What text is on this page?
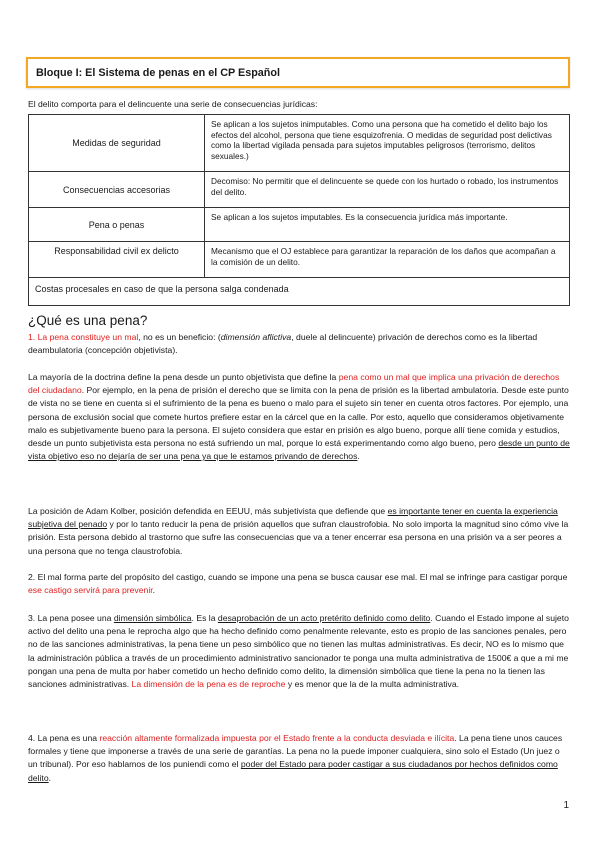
Bloque I: El Sistema de penas en el CP Español
El delito comporta para el delincuente una serie de consecuencias jurídicas:
Medidas de seguridad	Se aplican a los sujetos inimputables. Como una persona que ha cometido el delito bajo los efectos del alcohol, persona que tiene esquizofrenia. O medidas de seguridad post delictivas como la libertad vigilada pensada para sujetos imputables peligrosos (terrorismo, delitos sexuales.)
Consecuencias accesorias	Decomiso: No permitir que el delincuente se quede con los hurtado o robado, los instrumentos del delito.
Pena o penas	Se aplican a los sujetos imputables. Es la consecuencia jurídica más importante.
Responsabilidad civil ex delicto	Mecanismo que el OJ establece para garantizar la reparación de los daños que acompañan a la comisión de un delito.
Costas procesales en caso de que la persona salga condenada	
¿Qué es una pena?
1. La pena constituye un mal, no es un beneficio: (dimensión aflictiva, duele al delincuente) privación de derechos como es la libertad deambulatoria (concepción objetivista).
La mayoría de la doctrina define la pena desde un punto objetivista que define la pena como un mal que implica una privación de derechos del ciudadano. Por ejemplo, en la pena de prisión el derecho que se limita con la pena de prisión es la libertad ambulatoria. Desde este punto de vista no se tiene en cuenta si el sufrimiento de la pena es bueno o malo para el sujeto sin tener en cuenta otros factores. Por ejemplo, una persona de exclusión social que comete hurtos prefiere estar en la cárcel que en la calle. Por esto, aquello que consideramos objetivamente malo es subjetivamente bueno para la persona. El sujeto considera que estar en prisión es algo bueno, porque allí tiene comida y estudios, desde un punto subjetivista esta persona no está sufriendo un mal, porque lo está experimentando como algo bueno, pero desde un punto de vista objetivo eso no dejaría de ser una pena ya que le estamos privando de derechos.
La posición de Adam Kolber, posición defendida en EEUU, más subjetivista que defiende que es importante tener en cuenta la experiencia subjetiva del penado y por lo tanto reducir la pena de prisión aquellos que sufran claustrofobia. No solo importa la magnitud sino cómo vive la prisión. Esta persona debido al trastorno que sufre las consecuencias que va a tener encerrar esa persona en una prisión va a ser peores a una persona que no tenga claustrofobia.
2. El mal forma parte del propósito del castigo, cuando se impone una pena se busca causar ese mal. El mal se infringe para castigar porque ese castigo servirá para prevenir.
3. La pena posee una dimensión simbólica. Es la desaprobación de un acto pretérito definido como delito. Cuando el Estado impone al sujeto activo del delito una pena le reprocha algo que ha hecho definido como penalmente relevante, esto es propio de las sanciones penales, pero no de las sanciones administrativas, la pena tiene un peso simbólico que no tienen las multas administrativas. Es decir, NO es lo mismo que la administración pública a través de un procedimiento administrativo sancionador te ponga una multa administrativa de 1500€ a que a mi me pongan una pena de multa por haber cometido un hecho definido como delito, la dimensión simbólica que tiene la pena no la tienen las sanciones administrativas. La dimensión de la pena es de reproche y es menor que la de la multa administrativa.
4. La pena es una reacción altamente formalizada impuesta por el Estado frente a la conducta desviada e ilícita. La pena tiene unos cauces formales y tiene que imponerse a través de una serie de garantías. La pena no la puede imponer cualquiera, sino solo el Estado (Un juez o un tribunal). Por eso hablamos de los puniendi como el poder del Estado para poder castigar a sus ciudadanos por hechos definidos como delito.
1
